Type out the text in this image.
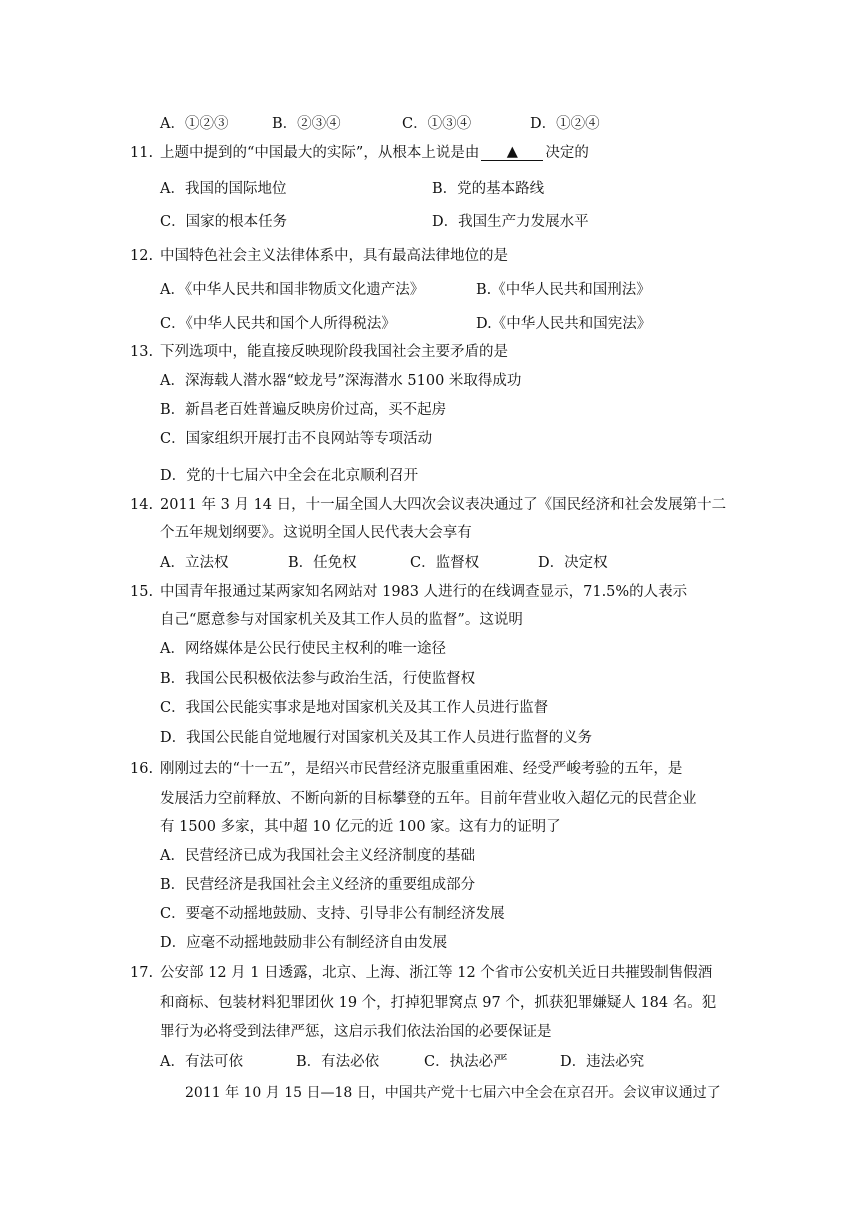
A．①②③	B．②③④	C．①③④	D．①②④
11. 上题中提到的“中国最大的实际”，从根本上说是由 ▲ 决定的
A．我国的国际地位	B．党的基本路线
C．国家的根本任务	D．我国生产力发展水平
12. 中国特色社会主义法律体系中，具有最高法律地位的是
A．《中华人民共和国非物质文化遗产法》	B.《中华人民共和国刑法》
C．《中华人民共和国个人所得税法》	D.《中华人民共和国宪法》
13. 下列选项中，能直接反映现阶段我国社会主要矛盾的是
A．深海载人潜水器“蛟龙号”深海潜水 5100 米取得成功
B．新昌老百姓普遍反映房价过高，买不起房
C．国家组织开展打击不良网站等专项活动
D．党的十七届六中全会在北京顺利召开
14. 2011 年 3 月 14 日，十一届全国人大四次会议表决通过了《国民经济和社会发展第十二
个五年规划纲要》。这说明全国人民代表大会享有
A．立法权	B．任免权	C．监督权	D．决定权
15. 中国青年报通过某两家知名网站对 1983 人进行的在线调查显示，71.5%的人表示
自己“愿意参与对国家机关及其工作人员的监督”。这说明
A．网络媒体是公民行使民主权利的唯一途径
B．我国公民积极依法参与政治生活，行使监督权
C．我国公民能实事求是地对国家机关及其工作人员进行监督
D．我国公民能自觉地履行对国家机关及其工作人员进行监督的义务
16. 刚刚过去的“十一五”，是绍兴市民营经济克服重重困难、经受严峻考验的五年，是
发展活力空前释放、不断向新的目标攀登的五年。目前年营业收入超亿元的民营企业
有 1500 多家，其中超 10 亿元的近 100 家。这有力的证明了
A．民营经济已成为我国社会主义经济制度的基础
B．民营经济是我国社会主义经济的重要组成部分
C．要毫不动摇地鼓励、支持、引导非公有制经济发展
D．应毫不动摇地鼓励非公有制经济自由发展
17. 公安部 12 月 1 日透露，北京、上海、浙江等 12 个省市公安机关近日共摧毁制售假酒
和商标、包装材料犯罪团伙 19 个，打掉犯罪窝点 97 个，抓获犯罪嫌疑人 184 名。犯
罪行为必将受到法律严惩，这启示我们依法治国的必要保证是
A．有法可依	B．有法必依	C．执法必严	D．违法必究
2011 年 10 月 15 日—18 日，中国共产党十七届六中全会在京召开。会议审议通过了
